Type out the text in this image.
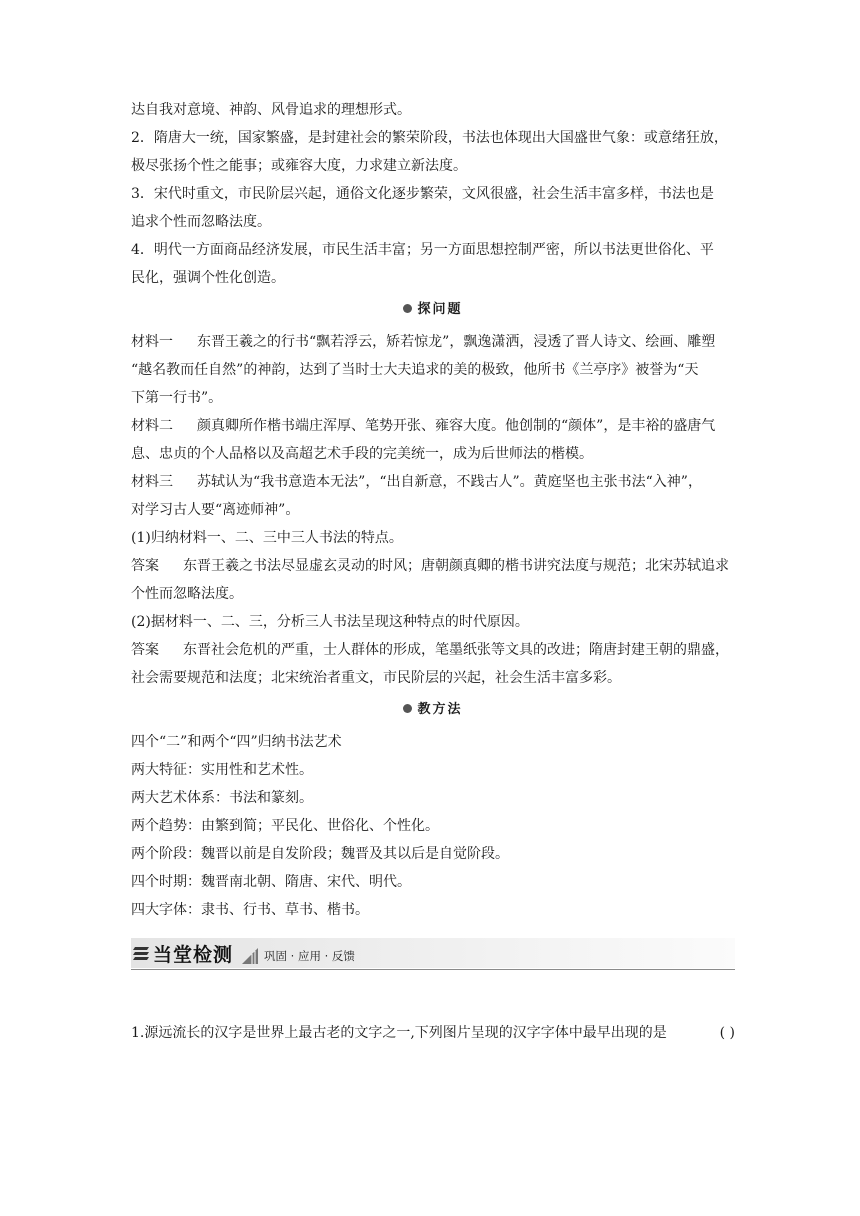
达自我对意境、神韵、风骨追求的理想形式。
2．隋唐大一统，国家繁盛，是封建社会的繁荣阶段，书法也体现出大国盛世气象：或意绪狂放，
极尽张扬个性之能事；或雍容大度，力求建立新法度。
3．宋代时重文，市民阶层兴起，通俗文化逐步繁荣，文风很盛，社会生活丰富多样，书法也是
追求个性而忽略法度。
4．明代一方面商品经济发展，市民生活丰富；另一方面思想控制严密，所以书法更世俗化、平
民化，强调个性化创造。
探问题
材料一 东晋王羲之的行书“飘若浮云，矫若惊龙”，飘逸潇洒，浸透了晋人诗文、绘画、雕塑
“越名教而任自然”的神韵，达到了当时士大夫追求的美的极致，他所书《兰亭序》被誉为“天
下第一行书”。
材料二 颜真卿所作楷书端庄浑厚、笔势开张、雍容大度。他创制的“颜体”，是丰裕的盛唐气
息、忠贞的个人品格以及高超艺术手段的完美统一，成为后世师法的楷模。
材料三 苏轼认为“我书意造本无法”，“出自新意，不践古人”。黄庭坚也主张书法“入神”，
对学习古人要“离迹师神”。
(1)归纳材料一、二、三中三人书法的特点。
答案 东晋王羲之书法尽显虚玄灵动的时风；唐朝颜真卿的楷书讲究法度与规范；北宋苏轼追求
个性而忽略法度。
(2)据材料一、二、三，分析三人书法呈现这种特点的时代原因。
答案 东晋社会危机的严重，士人群体的形成，笔墨纸张等文具的改进；隋唐封建王朝的鼎盛，
社会需要规范和法度；北宋统治者重文，市民阶层的兴起，社会生活丰富多彩。
教方法
四个“二”和两个“四”归纳书法艺术
两大特征：实用性和艺术性。
两大艺术体系：书法和篆刻。
两个趋势：由繁到简；平民化、世俗化、个性化。
两个阶段：魏晋以前是自发阶段；魏晋及其以后是自觉阶段。
四个时期：魏晋南北朝、隋唐、宋代、明代。
四大字体：隶书、行书、草书、楷书。
当堂检测	巩固 · 应用 · 反馈
( )
1.源远流长的汉字是世界上最古老的文字之一,下列图片呈现的汉字字体中最早出现的是
